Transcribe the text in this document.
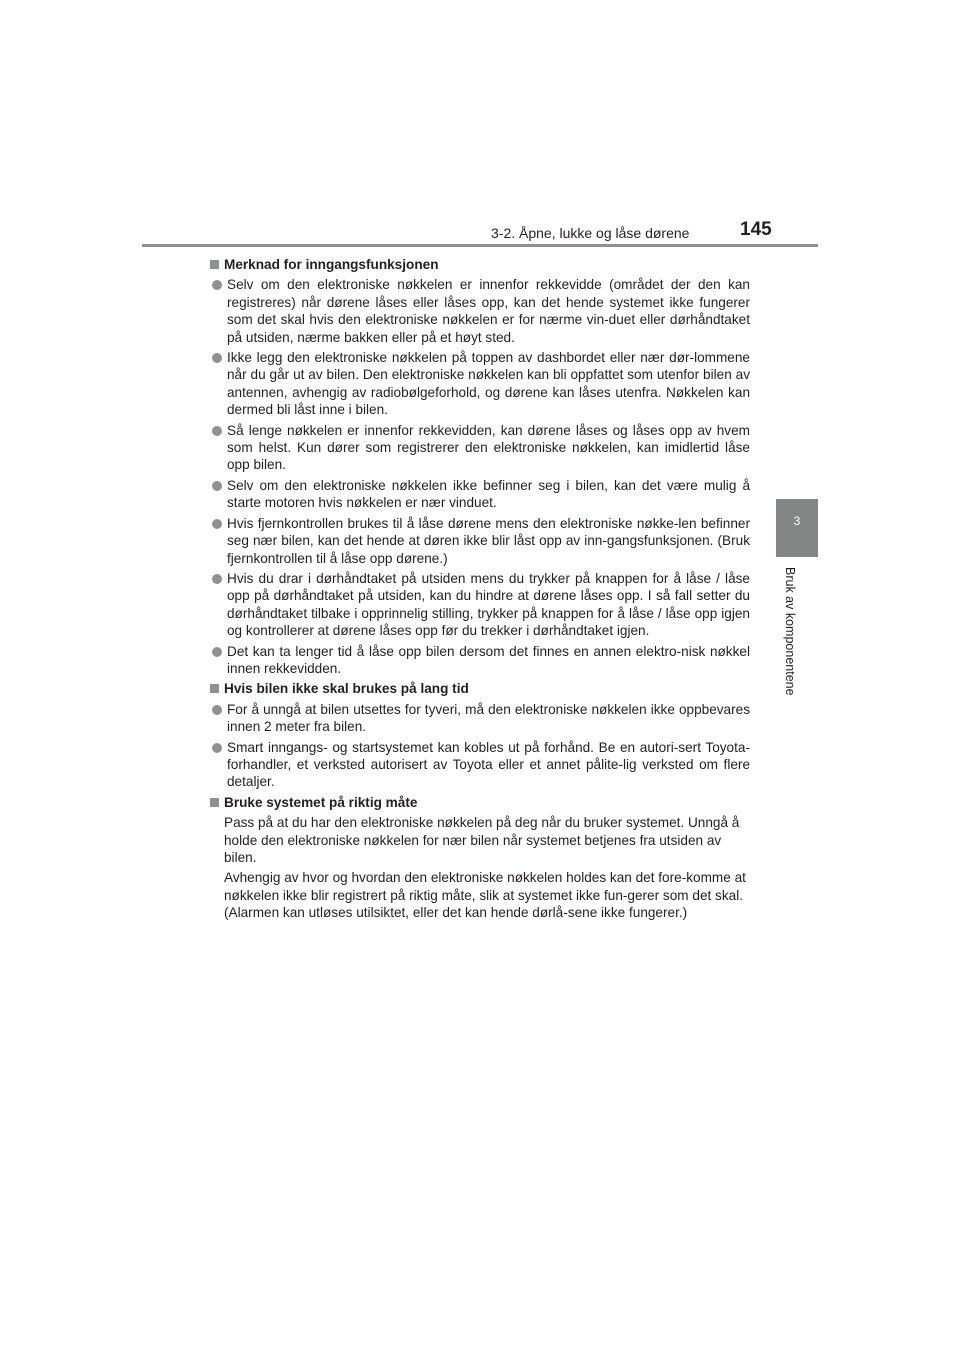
3-2. Åpne, lukke og låse dørene	145
3
Bruk av komponentene
Merknad for inngangsfunksjonen
Selv om den elektroniske nøkkelen er innenfor rekkevidde (området der den kan registreres) når dørene låses eller låses opp, kan det hende systemet ikke fungerer som det skal hvis den elektroniske nøkkelen er for nærme vin-duet eller dørhåndtaket på utsiden, nærme bakken eller på et høyt sted.
Ikke legg den elektroniske nøkkelen på toppen av dashbordet eller nær dør-lommene når du går ut av bilen. Den elektroniske nøkkelen kan bli oppfattet som utenfor bilen av antennen, avhengig av radiobølgeforhold, og dørene kan låses utenfra. Nøkkelen kan dermed bli låst inne i bilen.
Så lenge nøkkelen er innenfor rekkevidden, kan dørene låses og låses opp av hvem som helst. Kun dører som registrerer den elektroniske nøkkelen, kan imidlertid låse opp bilen.
Selv om den elektroniske nøkkelen ikke befinner seg i bilen, kan det være mulig å starte motoren hvis nøkkelen er nær vinduet.
Hvis fjernkontrollen brukes til å låse dørene mens den elektroniske nøkke-len befinner seg nær bilen, kan det hende at døren ikke blir låst opp av inn-gangsfunksjonen. (Bruk fjernkontrollen til å låse opp dørene.)
Hvis du drar i dørhåndtaket på utsiden mens du trykker på knappen for å låse / låse opp på dørhåndtaket på utsiden, kan du hindre at dørene låses opp. I så fall setter du dørhåndtaket tilbake i opprinnelig stilling, trykker på knappen for å låse / låse opp igjen og kontrollerer at dørene låses opp før du trekker i dørhåndtaket igjen.
Det kan ta lenger tid å låse opp bilen dersom det finnes en annen elektro-nisk nøkkel innen rekkevidden.
Hvis bilen ikke skal brukes på lang tid
For å unngå at bilen utsettes for tyveri, må den elektroniske nøkkelen ikke oppbevares innen 2 meter fra bilen.
Smart inngangs- og startsystemet kan kobles ut på forhånd. Be en autori-sert Toyota-forhandler, et verksted autorisert av Toyota eller et annet pålite-lig verksted om flere detaljer.
Bruke systemet på riktig måte
Pass på at du har den elektroniske nøkkelen på deg når du bruker systemet. Unngå å holde den elektroniske nøkkelen for nær bilen når systemet betjenes fra utsiden av bilen.
Avhengig av hvor og hvordan den elektroniske nøkkelen holdes kan det fore-komme at nøkkelen ikke blir registrert på riktig måte, slik at systemet ikke fun-gerer som det skal. (Alarmen kan utløses utilsiktet, eller det kan hende dørlå-sene ikke fungerer.)
